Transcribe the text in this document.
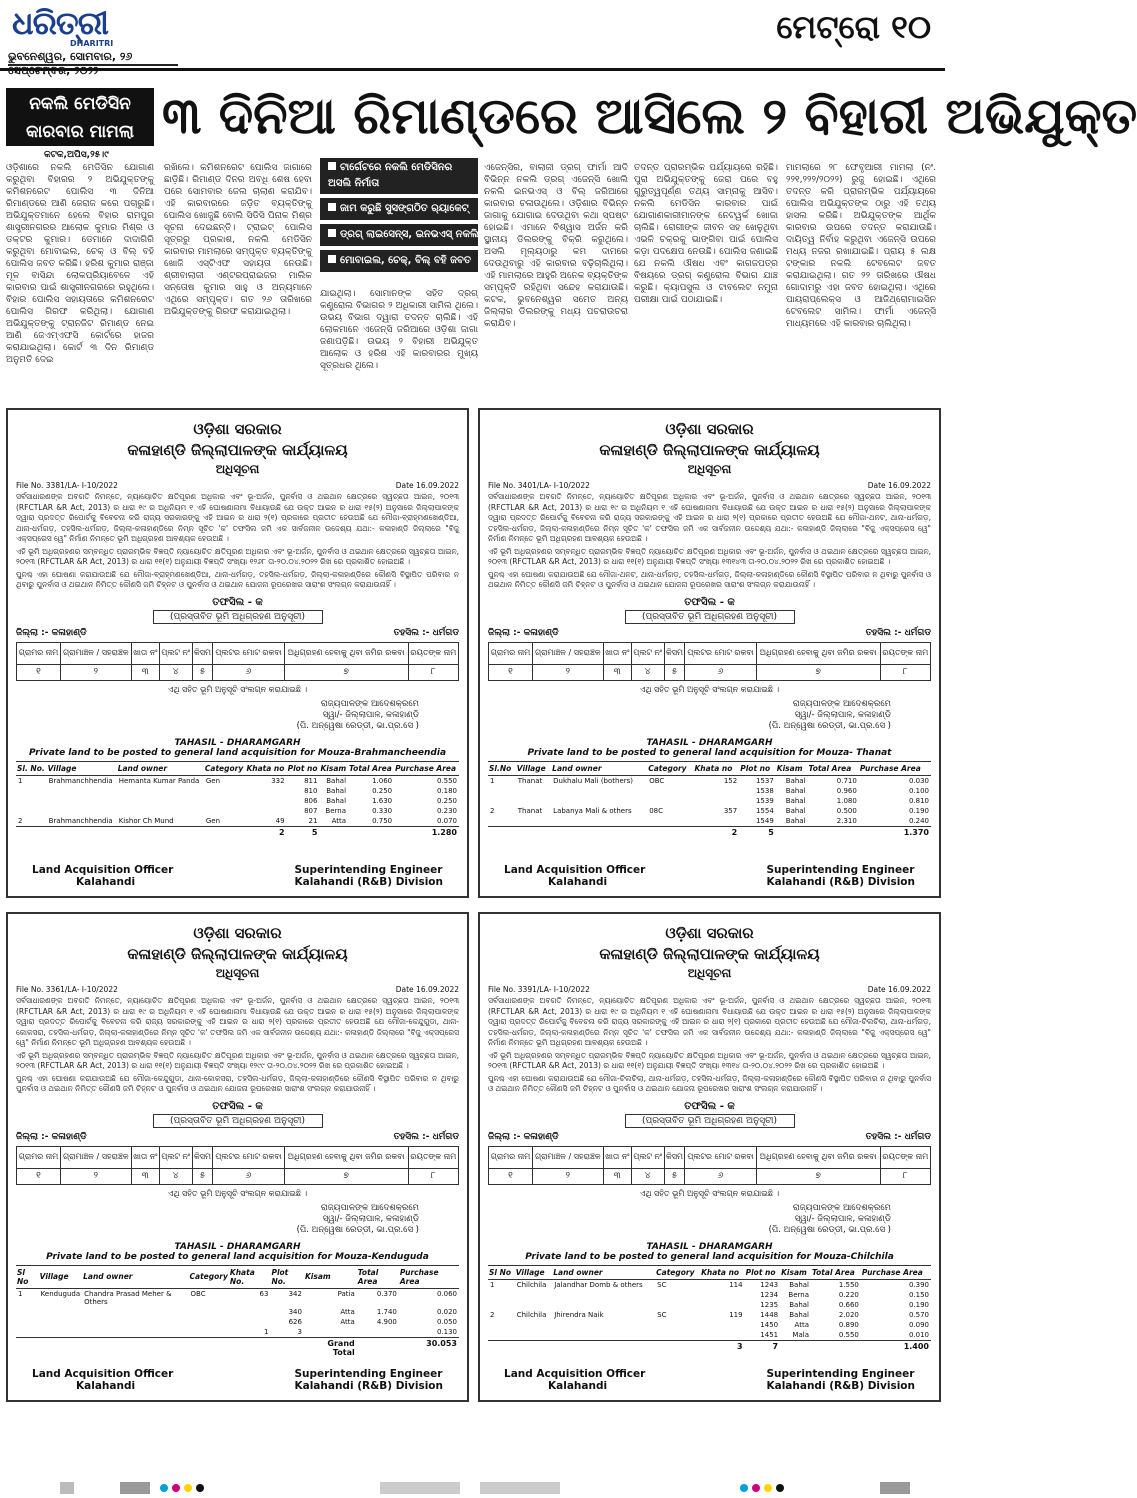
ଧରିତ୍ରୀ
DHARITRI
ଭୁବନେଶ୍ୱର, ସୋମବାର, ୨୬
ମେଟ୍ରୋ ୧୦
ନକଲି ମେଡିସିନ କାରବାର ମାମଲା ୩ ଦିନିଆ ରିମାଣ୍ଡରେ ଆସିଲେ ୨ ବିହାରୀ ଅଭିଯୁକ୍ତ
କଟକ,ଅପିସ,୨୫।୯
ଓଡ଼ିଶାରେ ନକଲି ମେଡିସିନ ଯୋଗାଣ କରୁଥିବା ବିହାରର ୨ ଅଭିଯୁକ୍ତଙ୍କୁ କମିଶନରେଟ ପୋଲିସ ୩ ଦିନିଆ ରିମାଣ୍ଡରେ ଆଣି ଜେରାଜ କରେ ପଚାରୁଛି। ଅଭିଯୁକ୍ତମାନେ ହେଲେ ବିହାର ରାମପୁର ଶାସ୍ତ୍ରୀନଗରର ଆଲୋକ କୁମାର ମିଶ୍ର ଓ ଡକ୍ଟର କୁମାର। ଡେମାନେ ଦାଦାଗିରି କରୁଥିବା ମୋବାଇଲ, ଚେକ୍ ଓ ବିଲ୍ ବହି ପୋଲିସ ଜବତ କରିଛି। ହରିଶ କୁମାର ରାଞ୍ଜା ମୂଳ ବାସିନ୍ଦା ଲୋକପ୍ରିୟାବେଳେ ଏହି କାରବାର ପାଇଁ ଶାସ୍ତ୍ରୀନଗରରେ ରହୁଥିଲେ। ବିହାର ପୋଲିସ ସହାୟତାରେ କମିଶନରେଟ ପୋଲିସ ଗିରଫ କରିଥିଲା। ଯୋଗାଣ ଅଭିଯୁକ୍ତଙ୍କୁ ଟ୍ରାନଜିଟ ରିମାଣ୍ଡ ନେଇ ଆଣି ଜେଏମ୍‌ଏଫସି କୋର୍ଟରେ ହାଜର କରାଯାଇଥିଲା। କୋର୍ଟ ୩ ଦିନ ରିମାଣ୍ଡ ଅନୁମତି ଦେଇ
ରଖିଲେ। କମିଶନରେଟ ପୋଲିସ ଜାଗାରେ ଛାଡ଼ିଛି। ରିମାଣ୍ଡ ଦିନର ଅବଧି ଶେଷ ହେବା ପରେ ସୋମବାର ଜେଲ ଚାଲାଣ କରାଯିବ। ଏହି କାରବାରରେ ଜଡ଼ିତ ବ୍ୟକ୍ତିଙ୍କୁ ପୋଲିସ ଖୋଜୁଛି ବୋଲି ସିଡିସି ପିନାକ ମିଶ୍ର ସୂଚନା ଦେଇଛନ୍ତି। ଟ୍ରାଇଟ୍‌ ପୋଲିସ ସୂତ୍ରରୁ ପ୍ରକାଶ, ନକଲି ମେଡିସିନ କାରବାର ମାମଲାରେ ସମ୍ପୃକ୍ତ ବ୍ୟକ୍ତିଙ୍କୁ ଖୋଜି ଏସ୍‌ଟିଏଫ ସହାୟତା ନେଉଛି। ଶ୍ରୀବାଲାଜୀ ଏଣ୍ଟରପ୍ରାଇଜର ମାଲିକ ସନ୍ତୋଷ କୁମାର ସାହୁ ଓ ଅନ୍ୟମାନେ ଏଥିରେ ସମ୍ପୃକ୍ତ। ଗତ ୨୬ ତାରିଖରେ ଅଭିଯୁକ୍ତଙ୍କୁ ଗିରଫ କରାଯାଇଥିଲା।
ଟାର୍ଗେଟରେ ନକଲି ମେଡିସିନର ଅସଲି ନିର୍ମାତା
ଜାମ କରୁଛି ସୁସଙ୍ଗଠିତ ର‍୍ୟାକେଟ୍
ଡ୍ରଗ୍ ଲାଇସେନ୍ସ, ଇନଭଏସ୍ ନକଲି
ମୋବାଇଲ, ଚେକ୍, ବିଲ୍ ବହି ଜବତ
ଯାଇଥିଲା। ସୋମାନଙ୍କ ସହିତ ଦ୍ରଗ୍ କଣ୍ଟ୍ରୋଲ ବିଭାଗର ୨ ଅଧିକାରୀ ସାମିଲ ଥିଲେ। ଉଭୟ ବିଭାଗ ଦ୍ୱାରା ତଦନ୍ତ ଚାଲିଛି। ଏହି ଲୋକମାନେ ଏଜେନ୍ସି ଜରିଆରେ ଓଡ଼ିଶା ଜାଗା ଜଣାପଡ଼ିଛି। ଉଭୟ ୨ ବିହାରୀ ଅଭିଯୁକ୍ତ ଆଲୋକ ଓ ହରିଶ ଏହି କାରବାରର ମୁଖ୍ୟ ସୂତ୍ରଧର ଥିଲେ।
ଏଜେନ୍ସିର, ବାଲାଜୀ ଡ୍ରଗ୍ ଫାର୍ମା ଆଦି ବିଭିନ୍ନ ନକଲି ଡ୍ରଗ୍ ଏଜେନ୍ସି ଖୋଲି ନକଲି ଇନଭଏସ୍ ଓ ବିଲ୍ ଜରିଆରେ କାରବାର ଚଳାଉଥିଲେ। ଓଡ଼ିଶାର ବିଭିନ୍ନ ଜାଗାକୁ ଯୋଗାଇ ଦେଉଥିବା କଥା ସ୍ପଷ୍ଟ ହୋଇଛି। ଏମାନେ ବିଶ୍ୱାସ ଅର୍ଜନ କରି ସ୍ଥାନୀୟ ଡିଲରଙ୍କୁ ବିକ୍ରି କରୁଥିଲେ। ଅସଲି ମୂଲ୍ୟଠାରୁ କମ ଦାମରେ ଦେଉଥିବାରୁ ଏହି କାରବାର ବଢ଼ିଚାଲିଥିଲା। ଏହି ମାମଲାରେ ଆହୁରି ଅନେକ ବ୍ୟକ୍ତିଙ୍କ ସମ୍ପୃକ୍ତି ରହିଥିବା ସନ୍ଦେହ କରାଯାଉଛି। କଟକ, ଭୁବନେଶ୍ୱର ସମେତ ଅନ୍ୟ ଜିଲ୍ଲାର ଡିଲରଙ୍କୁ ମଧ୍ୟ ପଚରାଉଚରା କରାଯିବ।
ତଦନ୍ତ ପ୍ରାରମ୍ଭିକ ପର୍ଯ୍ୟାୟରେ ରହିଛି। ପୁରା ଅଭିଯୁକ୍ତଙ୍କୁ ଜେରା ପରେ ବହୁ ଗୁରୁତ୍ୱପୂର୍ଣ୍ଣ ତଥ୍ୟ ସାମ୍ନାକୁ ଆସିବ। ନକଲି ମେଡିସିନ କାରବାର ପାଇଁ ଯୋଗାଣକାରୀମାନଙ୍କ ନେଟୱର୍କ ଖୋଜା ଚାଲିଛି। ରୋଗୀଙ୍କ ଜୀବନ ସହ ଖେଳୁଥିବା ଏଭଳି ଚକ୍ରକୁ ଭାଙ୍ଗିବା ପାଇଁ ପୋଲିସ କଡ଼ା ପଦକ୍ଷେପ ନେଉଛି। ପୋଲିସ ଜଣାଇଛି ଯେ ନକଲି ଔଷଧ ଏବଂ କାଗଜପତ୍ର ବିଷୟରେ ଡ୍ରଗ୍ କଣ୍ଟ୍ରୋଲ ବିଭାଗ ଯାଞ୍ଚ କରୁଛି। କ୍ୟାପସୁଲ ଓ ଟାବଲେଟ ନମୁନା ପରୀକ୍ଷା ପାଇଁ ପଠାଯାଇଛି।
ମାମଲାରେ ୨୮ ଫେବୃଆରୀ ମାମଲା (ନଂ. ୨୨୧,୨୨୨/୨୦୨୨) ରୁଜୁ ହୋଇଛି। ଏଥିରେ ତଦନ୍ତ କରି ପ୍ରାରମ୍ଭିକ ପର୍ଯ୍ୟାୟରେ ପୋଲିସ ଅଭିଯୁକ୍ତଙ୍କ ଠାରୁ ଏହି ତଥ୍ୟ ହାସଲ କରିଛି। ଅଭିଯୁକ୍ତଙ୍କ ଆର୍ଥିକ କାରବାର ଉପରେ ତଦନ୍ତ କରାଯାଉଛି। ଦାୟିତ୍ୱ ନିର୍ବାହ କରୁଥିବା ଏଜେନ୍ସି ଉପରେ ମଧ୍ୟ ନଜର ରଖାଯାଇଛି। ପ୍ରାୟ ୫ ଲକ୍ଷ ଟଙ୍କାର ନକଲି ଟେବଲେଟ ଜବତ କରାଯାଇଥିଲା। ଗତ ୨୨ ତାରିଖରେ ଔଷଧ ଗୋଦାମରୁ ଏହା ଜବତ ହୋଇଥିଲା। ଏଥିରେ ପାୟରାପ୍ଲେକ୍ସ ଓ ଆଜିଥ୍ରୋମାଇସିନ ଟେବଲେଟ ସାମିଲ। ଫାର୍ମା ଏଜେନ୍ସି ମାଧ୍ୟମରେ ଏହି କାରବାର ଚାଲିଥିଲା।
ଓଡ଼ିଶା ସରକାର
କଳାହାଣ୍ଡି ଜିଲ୍ଲାପାଳଙ୍କ କାର୍ଯ୍ୟାଳୟ
ଅଧିସୂଚନା
File No. 3381/LA- I-10/2022	Date 16.09.2022
ସର୍ବସାଧାରଣଙ୍କ ଅବଗତି ନିମନ୍ତେ, ନ୍ୟାୟୋଚିତ କ୍ଷତିପୂରଣ ଅଧିକାର ଏବଂ ଭୂ-ଅର୍ଜନ, ପୁନର୍ବାସ ଓ ଥଇଥାନ କ୍ଷେତ୍ରରେ ସ୍ୱଚ୍ଛତା ଆଇନ, ୨୦୧୩ (RFCTLAR &R Act, 2013) ର ଧାରା ୧୯ ର ଅଧିନିୟମ ୧ ଏହି ଘୋଷଣାନାମା ବିଧାୟାଉଛି ଯେ ଉକ୍ତ ଆଇନ ର ଧାରା ୧୫(୨) ଅନୁସାରେ ଜିଲ୍ଲାପାଳଙ୍କ ଦ୍ୱାରା ପ୍ରଦତ୍ତ ରିପୋର୍ଟକୁ ବିବେଚନା କରି ରାଜ୍ୟ ସରକାରଙ୍କୁ ଏହି ଆଇନ ର ଧାରା ୨(୧) ପ୍ରକାରେ ପ୍ରତୀତ ହେଉଅଛି ଯେ ମୌଜା-ବ୍ରାହ୍ମଣଖେଣ୍ଡିଆ, ଥାନା-ଧର୍ମଗଡ଼, ତହସିଲ-ଧର୍ମଗଡ଼, ଜିଲ୍ଲା-କଳାହାଣ୍ଡିରେ ନିମ୍ନ ସୂଚିତ 'କ' ତଫସିଲ ଜମି ଏକ ସାର୍ବଜନୀନ ଉଦ୍ଦେଶ୍ୟ ଯଥା:- କଳାହାଣ୍ଡି ଜିଲ୍ଲାରେ "ବିଜୁ ଏକ୍ସପ୍ରେସ ୱେ" ନିର୍ମାଣ ନିମନ୍ତେ ଭୂମି ଅଧିଗ୍ରହଣ ଆବଶ୍ୟକ ହେଉଅଛି ।
ଏହି ଭୂମି ଅଧିଗ୍ରହଣର ସମ୍ବନ୍ଧିତ ପ୍ରାରମ୍ଭିକ ବିଜ୍ଞପ୍ତି ନ୍ୟାୟୋଚିତ କ୍ଷତିପୂରଣ ଅଧିକାର ଏବଂ ଭୂ-ଅର୍ଜନ, ପୁନର୍ବାସ ଓ ଥଇଥାନ କ୍ଷେତ୍ରରେ ସ୍ୱଚ୍ଛତା ଆଇନ, ୨୦୧୩ (RFCTLAR &R Act, 2013) ର ଧାରା ୧୧(୧) ଅନୁଯାୟୀ ବିଜ୍ଞପ୍ତି ସଂଖ୍ୟା ୧୨୬୮ ତା-୨୦.୦୪.୨୦୨୨ ରିଖ ରେ ପ୍ରକାଶିତ ହୋଇଅଛି ।
ପୁନଶ୍ଚ ଏହା ଘୋଷଣା କରାଯାଉଅଛି ଯେ ମୌଜା-ବ୍ରାହ୍ମଣଖେଣ୍ଡିଆ, ଥାନା-ଧର୍ମଗଡ଼, ତହସିଲ-ଧର୍ମଗଡ଼, ଜିଲ୍ଲା-କଳାହାଣ୍ଡିରେ କୌଣସି ବିସ୍ଥାପିତ ପରିବାର ନ ଥିବାରୁ ପୁନର୍ବାସ ଓ ଥଇଥାନ ନିମିତ୍ତ କୌଣସି ଜମି ଚିହ୍ନଟ ଓ ପୁନର୍ବାସ ଓ ଥଇଥାନ ଯୋଜନା ରୂପରେଖର ସାରାଂଶ ସଂଲଗ୍ନ କରାଯାଉନାହିଁ ।
ତଫସିଲ - କ
(ପ୍ରସ୍ତାବିତ ଭୂମି ଅଧିଗ୍ରହଣ ଅନୁସୂଚୀ)
ଜିଲ୍ଲା :- କଳାହାଣ୍ଡି	ତହସିଲ :- ଧର୍ମଗଡ
ଗ୍ରାମର ନାମ	ଗ୍ରାମାଞ୍ଚଳ / ସହରାଞ୍ଚଳ	ଖାତା ନଂ	ପ୍ଲଟ ନଂ	କିସମ	ପ୍ଲଟର ମୋଟ ରକବା	ଅଧିଗ୍ରହଣ ହେବାକୁ ଥିବା ଜମିର ରକବା	ରୟତଙ୍କ ନାମ
୧	୨	୩	୪	୫	୬	୭	୮
ଏଥି ସହିତ ଭୂମି ଅନୁସୂଚି ସଂଲଗ୍ନ କରାଯାଇଛି ।
ରାଜ୍ୟପାଳଙ୍କ ଆଦେଶକ୍ରମେ
ସ୍ୱା/- ଜିଲ୍ଲାପାଳ, କଳାହାଣ୍ଡି
(ପି. ଅନ୍ୱେଷା ରେଡ୍ଡୀ, ଭା.ପ୍ର.ସେ )
TAHASIL - DHARAMGARH
Private land to be posted to general land acquisition for Mouza-Brahmancheendia
Sl. No.	Village	Land owner	Category	Khata no	Plot no	Kisam	Total Area	Purchase Area
1	Brahmanchhendia	Hemanta Kumar Panda	Gen	332	811	Bahal	1.060	0.550
					810	Bahal	0.250	0.180
					806	Bahal	1.630	0.250
					807	Berna	0.330	0.230
2	Brahmanchhendia	Kishor Ch Mund	Gen	49	21	Atta	0.750	0.070
				2	5			1.280
Land Acquisition Officer
Kalahandi
Superintending Engineer
Kalahandi (R&B) Division
ଓଡ଼ିଶା ସରକାର
କଳାହାଣ୍ଡି ଜିଲ୍ଲାପାଳଙ୍କ କାର୍ଯ୍ୟାଳୟ
ଅଧିସୂଚନା
File No. 3401/LA- I-10/2022	Date 16.09.2022
ସର୍ବସାଧାରଣଙ୍କ ଅବଗତି ନିମନ୍ତେ, ନ୍ୟାୟୋଚିତ କ୍ଷତିପୂରଣ ଅଧିକାର ଏବଂ ଭୂ-ଅର୍ଜନ, ପୁନର୍ବାସ ଓ ଥଇଥାନ କ୍ଷେତ୍ରରେ ସ୍ୱଚ୍ଛତା ଆଇନ, ୨୦୧୩ (RFCTLAR &R Act, 2013) ର ଧାରା ୧୯ ର ଅଧିନିୟମ ୧ ଏହି ଘୋଷଣାନାମା ବିଧାୟାଉଛି ଯେ ଉକ୍ତ ଆଇନ ର ଧାରା ୧୫(୨) ଅନୁସାରେ ଜିଲ୍ଲାପାଳଙ୍କ ଦ୍ୱାରା ପ୍ରଦତ୍ତ ରିପୋର୍ଟକୁ ବିବେଚନା କରି ରାଜ୍ୟ ସରକାରଙ୍କୁ ଏହି ଆଇନ ର ଧାରା ୨(୧) ପ୍ରକାରେ ପ୍ରତୀତ ହେଉଅଛି ଯେ ମୌଜା-ଥନଟ, ଥାନା-ଧର୍ମଗଡ଼, ତହସିଲ-ଧର୍ମଗଡ଼, ଜିଲ୍ଲା-କଳାହାଣ୍ଡିରେ ନିମ୍ନ ସୂଚିତ 'କ' ତଫସିଲ ଜମି ଏକ ସାର୍ବଜନୀନ ଉଦ୍ଦେଶ୍ୟ ଯଥା:- କଳାହାଣ୍ଡି ଜିଲ୍ଲାରେ "ବିଜୁ ଏକ୍ସପ୍ରେସ ୱେ" ନିର୍ମାଣ ନିମନ୍ତେ ଭୂମି ଅଧିଗ୍ରହଣ ଆବଶ୍ୟକ ହେଉଅଛି ।
ଏହି ଭୂମି ଅଧିଗ୍ରହଣର ସମ୍ବନ୍ଧିତ ପ୍ରାରମ୍ଭିକ ବିଜ୍ଞପ୍ତି ନ୍ୟାୟୋଚିତ କ୍ଷତିପୂରଣ ଅଧିକାର ଏବଂ ଭୂ-ଅର୍ଜନ, ପୁନର୍ବାସ ଓ ଥଇଥାନ କ୍ଷେତ୍ରରେ ସ୍ୱଚ୍ଛତା ଆଇନ, ୨୦୧୩ (RFCTLAR &R Act, 2013) ର ଧାରା ୧୧(୧) ଅନୁଯାୟୀ ବିଜ୍ଞପ୍ତି ସଂଖ୍ୟା ୧୩୧୪୩ ତା-୨୦.୦୪.୨୦୨୨ ରିଖ ରେ ପ୍ରକାଶିତ ହୋଇଅଛି ।
ପୁନଶ୍ଚ ଏହା ଘୋଷଣା କରାଯାଉଅଛି ଯେ ମୌଜା-ଥନଟ, ଥାନା-ଧର୍ମଗଡ଼, ତହସିଲ-ଧର୍ମଗଡ଼, ଜିଲ୍ଲା-କଳାହାଣ୍ଡିରେ କୌଣସି ବିସ୍ଥାପିତ ପରିବାର ନ ଥିବାରୁ ପୁନର୍ବାସ ଓ ଥଇଥାନ ନିମିତ୍ତ କୌଣସି ଜମି ଚିହ୍ନଟ ଓ ପୁନର୍ବାସ ଓ ଥଇଥାନ ଯୋଜନା ରୂପରେଖର ସାରାଂଶ ସଂଲଗ୍ନ କରାଯାଉନାହିଁ ।
ତଫସିଲ - କ
(ପ୍ରସ୍ତାବିତ ଭୂମି ଅଧିଗ୍ରହଣ ଅନୁସୂଚୀ)
ଜିଲ୍ଲା :- କଳାହାଣ୍ଡି	ତହସିଲ :- ଧର୍ମଗଡ
ଗ୍ରାମର ନାମ	ଗ୍ରାମାଞ୍ଚଳ / ସହରାଞ୍ଚଳ	ଖାତା ନଂ	ପ୍ଲଟ ନଂ	କିସମ	ପ୍ଲଟର ମୋଟ ରକବା	ଅଧିଗ୍ରହଣ ହେବାକୁ ଥିବା ଜମିର ରକବା	ରୟତଙ୍କ ନାମ
୧	୨	୩	୪	୫	୬	୭	୮
ଏଥି ସହିତ ଭୂମି ଅନୁସୂଚି ସଂଲଗ୍ନ କରାଯାଇଛି ।
ରାଜ୍ୟପାଳଙ୍କ ଆଦେଶକ୍ରମେ
ସ୍ୱା/- ଜିଲ୍ଲାପାଳ, କଳାହାଣ୍ଡି
(ପି. ଅନ୍ୱେଷା ରେଡ୍ଡୀ, ଭା.ପ୍ର.ସେ )
TAHASIL - DHARAMGARH
Private land to be posted to general land acquisition for Mouza- Thanat
Sl.No	Village	Land owner	Category	Khata no	Plot no	Kisam	Total Area	Purchase Area
1	Thanat	Dukhalu Mali (bothers)	OBC	152	1537	Bahal	0.710	0.030
					1538	Bahal	0.960	0.100
					1539	Bahal	1.080	0.810
2	Thanat	Labanya Mali & others	08C	357	1554	Bahal	0.500	0.190
					1549	Bahal	2.310	0.240
				2	5			1.370
Land Acquisition Officer
Kalahandi
Superintending Engineer
Kalahandi (R&B) Division
ଓଡ଼ିଶା ସରକାର
କଳାହାଣ୍ଡି ଜିଲ୍ଲାପାଳଙ୍କ କାର୍ଯ୍ୟାଳୟ
ଅଧିସୂଚନା
File No. 3361/LA- I-10/2022	Date 16.09.2022
ସର୍ବସାଧାରଣଙ୍କ ଅବଗତି ନିମନ୍ତେ, ନ୍ୟାୟୋଚିତ କ୍ଷତିପୂରଣ ଅଧିକାର ଏବଂ ଭୂ-ଅର୍ଜନ, ପୁନର୍ବାସ ଓ ଥଇଥାନ କ୍ଷେତ୍ରରେ ସ୍ୱଚ୍ଛତା ଆଇନ, ୨୦୧୩ (RFCTLAR &R Act, 2013) ର ଧାରା ୧୯ ର ଅଧିନିୟମ ୧ ଏହି ଘୋଷଣାନାମା ବିଧାୟାଉଛି ଯେ ଉକ୍ତ ଆଇନ ର ଧାରା ୧୫(୨) ଅନୁସାରେ ଜିଲ୍ଲାପାଳଙ୍କ ଦ୍ୱାରା ପ୍ରଦତ୍ତ ରିପୋର୍ଟକୁ ବିବେଚନା କରି ରାଜ୍ୟ ସରକାରଙ୍କୁ ଏହି ଆଇନ ର ଧାରା ୨(୧) ପ୍ରକାରେ ପ୍ରତୀତ ହେଉଅଛି ଯେ ମୌଜା-କେନ୍ଦୁଗୁଡା, ଥାନା-କୋକସରା, ତହସିଲ-ଧର୍ମଗଡ଼, ଜିଲ୍ଲା-କଳାହାଣ୍ଡିରେ ନିମ୍ନ ସୂଚିତ 'କ' ତଫସିଲ ଜମି ଏକ ସାର୍ବଜନୀନ ଉଦ୍ଦେଶ୍ୟ ଯଥା:- କଳାହାଣ୍ଡି ଜିଲ୍ଲାରେ "ବିଜୁ ଏକ୍ସପ୍ରେସ ୱେ" ନିର୍ମାଣ ନିମନ୍ତେ ଭୂମି ଅଧିଗ୍ରହଣ ଆବଶ୍ୟକ ହେଉଅଛି ।
ଏହି ଭୂମି ଅଧିଗ୍ରହଣର ସମ୍ବନ୍ଧିତ ପ୍ରାରମ୍ଭିକ ବିଜ୍ଞପ୍ତି ନ୍ୟାୟୋଚିତ କ୍ଷତିପୂରଣ ଅଧିକାର ଏବଂ ଭୂ-ଅର୍ଜନ, ପୁନର୍ବାସ ଓ ଥଇଥାନ କ୍ଷେତ୍ରରେ ସ୍ୱଚ୍ଛତା ଆଇନ, ୨୦୧୩ (RFCTLAR &R Act, 2013) ର ଧାରା ୧୧(୧) ଅନୁଯାୟୀ ବିଜ୍ଞପ୍ତି ସଂଖ୍ୟା ୧୨୯୯ ତା-୨୦.୦୪.୨୦୨୨ ରିଖ ରେ ପ୍ରକାଶିତ ହୋଇଅଛି ।
ପୁନଶ୍ଚ ଏହା ଘୋଷଣା କରାଯାଉଅଛି ଯେ ମୌଜା-କେନ୍ଦୁଗୁଡା, ଥାନା-କୋକସରା, ତହସିଲ-ଧର୍ମଗଡ଼, ଜିଲ୍ଲା-କଳାହାଣ୍ଡିରେ କୌଣସି ବିସ୍ଥାପିତ ପରିବାର ନ ଥିବାରୁ ପୁନର୍ବାସ ଓ ଥଇଥାନ ନିମିତ୍ତ କୌଣସି ଜମି ଚିହ୍ନଟ ଓ ପୁନର୍ବାସ ଓ ଥଇଥାନ ଯୋଜନା ରୂପରେଖର ସାରାଂଶ ସଂଲଗ୍ନ କରାଯାଉନାହିଁ ।
ତଫସିଲ - କ
(ପ୍ରସ୍ତାବିତ ଭୂମି ଅଧିଗ୍ରହଣ ଅନୁସୂଚୀ)
ଜିଲ୍ଲା :- କଳାହାଣ୍ଡି	ତହସିଲ :- ଧର୍ମଗଡ
ଗ୍ରାମର ନାମ	ଗ୍ରାମାଞ୍ଚଳ / ସହରାଞ୍ଚଳ	ଖାତା ନଂ	ପ୍ଲଟ ନଂ	କିସମ	ପ୍ଲଟର ମୋଟ ରକବା	ଅଧିଗ୍ରହଣ ହେବାକୁ ଥିବା ଜମିର ରକବା	ରୟତଙ୍କ ନାମ
୧	୨	୩	୪	୫	୬	୭	୮
ଏଥି ସହିତ ଭୂମି ଅନୁସୂଚି ସଂଲଗ୍ନ କରାଯାଇଛି ।
ରାଜ୍ୟପାଳଙ୍କ ଆଦେଶକ୍ରମେ
ସ୍ୱା/- ଜିଲ୍ଲାପାଳ, କଳାହାଣ୍ଡି
(ପି. ଅନ୍ୱେଷା ରେଡ୍ଡୀ, ଭା.ପ୍ର.ସେ )
TAHASIL - DHARAMGARH
Private land to be posted to general land acquisition for Mouza-Kenduguda
Sl No	Village	Land owner	Category	Khata No.	Plot No.	Kisam	Total Area	Purchase Area
1	Kenduguda	Chandra Prasad Meher & Others	OBC	63	342	Patia	0.370	0.060
					340	Atta	1.740	0.020
					626	Atta	4.900	0.050
				1	3			0.130
						Grand Total		30.053
Land Acquisition Officer
Kalahandi
Superintending Engineer
Kalahandi (R&B) Division
ଓଡ଼ିଶା ସରକାର
କଳାହାଣ୍ଡି ଜିଲ୍ଲାପାଳଙ୍କ କାର୍ଯ୍ୟାଳୟ
ଅଧିସୂଚନା
File No. 3391/LA- I-10/2022	Date 16.09.2022
ସର୍ବସାଧାରଣଙ୍କ ଅବଗତି ନିମନ୍ତେ, ନ୍ୟାୟୋଚିତ କ୍ଷତିପୂରଣ ଅଧିକାର ଏବଂ ଭୂ-ଅର୍ଜନ, ପୁନର୍ବାସ ଓ ଥଇଥାନ କ୍ଷେତ୍ରରେ ସ୍ୱଚ୍ଛତା ଆଇନ, ୨୦୧୩ (RFCTLAR &R Act, 2013) ର ଧାରା ୧୯ ର ଅଧିନିୟମ ୧ ଏହି ଘୋଷଣାନାମା ବିଧାୟାଉଛି ଯେ ଉକ୍ତ ଆଇନ ର ଧାରା ୧୫(୨) ଅନୁସାରେ ଜିଲ୍ଲାପାଳଙ୍କ ଦ୍ୱାରା ପ୍ରଦତ୍ତ ରିପୋର୍ଟକୁ ବିବେଚନା କରି ରାଜ୍ୟ ସରକାରଙ୍କୁ ଏହି ଆଇନ ର ଧାରା ୨(୧) ପ୍ରକାରେ ପ୍ରତୀତ ହେଉଅଛି ଯେ ମୌଜା-ଚିଲଚିଲା, ଥାନା-ଧର୍ମଗଡ଼, ତହସିଲ-ଧର୍ମଗଡ଼, ଜିଲ୍ଲା-କଳାହାଣ୍ଡିରେ ନିମ୍ନ ସୂଚିତ 'କ' ତଫସିଲ ଜମି ଏକ ସାର୍ବଜନୀନ ଉଦ୍ଦେଶ୍ୟ ଯଥା:- କଳାହାଣ୍ଡି ଜିଲ୍ଲାରେ "ବିଜୁ ଏକ୍ସପ୍ରେସ ୱେ" ନିର୍ମାଣ ନିମନ୍ତେ ଭୂମି ଅଧିଗ୍ରହଣ ଆବଶ୍ୟକ ହେଉଅଛି ।
ଏହି ଭୂମି ଅଧିଗ୍ରହଣର ସମ୍ବନ୍ଧିତ ପ୍ରାରମ୍ଭିକ ବିଜ୍ଞପ୍ତି ନ୍ୟାୟୋଚିତ କ୍ଷତିପୂରଣ ଅଧିକାର ଏବଂ ଭୂ-ଅର୍ଜନ, ପୁନର୍ବାସ ଓ ଥଇଥାନ କ୍ଷେତ୍ରରେ ସ୍ୱଚ୍ଛତା ଆଇନ, ୨୦୧୩ (RFCTLAR &R Act, 2013) ର ଧାରା ୧୧(୧) ଅନୁଯାୟୀ ବିଜ୍ଞପ୍ତି ସଂଖ୍ୟା ୧୩୧୪ ତା-୨୦.୦୪.୨୦୨୨ ରିଖ ରେ ପ୍ରକାଶିତ ହୋଇଅଛି ।
ପୁନଶ୍ଚ ଏହା ଘୋଷଣା କରାଯାଉଅଛି ଯେ ମୌଜା-ଚିଲଚିଲା, ଥାନା-ଧର୍ମଗଡ଼, ତହସିଲ-ଧର୍ମଗଡ଼, ଜିଲ୍ଲା-କଳାହାଣ୍ଡିରେ କୌଣସି ବିସ୍ଥାପିତ ପରିବାର ନ ଥିବାରୁ ପୁନର୍ବାସ ଓ ଥଇଥାନ ନିମିତ୍ତ କୌଣସି ଜମି ଚିହ୍ନଟ ଓ ପୁନର୍ବାସ ଓ ଥଇଥାନ ଯୋଜନା ରୂପରେଖର ସାରାଂଶ ସଂଲଗ୍ନ କରାଯାଉନାହିଁ ।
ତଫସିଲ - କ
(ପ୍ରସ୍ତାବିତ ଭୂମି ଅଧିଗ୍ରହଣ ଅନୁସୂଚୀ)
ଜିଲ୍ଲା :- କଳାହାଣ୍ଡି	ତହସିଲ :- ଧର୍ମଗଡ
ଗ୍ରାମର ନାମ	ଗ୍ରାମାଞ୍ଚଳ / ସହରାଞ୍ଚଳ	ଖାତା ନଂ	ପ୍ଲଟ ନଂ	କିସମ	ପ୍ଲଟର ମୋଟ ରକବା	ଅଧିଗ୍ରହଣ ହେବାକୁ ଥିବା ଜମିର ରକବା	ରୟତଙ୍କ ନାମ
୧	୨	୩	୪	୫	୬	୭	୮
ଏଥି ସହିତ ଭୂମି ଅନୁସୂଚି ସଂଲଗ୍ନ କରାଯାଇଛି ।
ରାଜ୍ୟପାଳଙ୍କ ଆଦେଶକ୍ରମେ
ସ୍ୱା/- ଜିଲ୍ଲାପାଳ, କଳାହାଣ୍ଡି
(ପି. ଅନ୍ୱେଷା ରେଡ୍ଡୀ, ଭା.ପ୍ର.ସେ )
TAHASIL - DHARAMGARH
Private land to be posted to general land acquisition for Mouza-Chilchila
Sl No	Village	Land owner	Category	Khata no	Plot no	Kisam	Total Area	Purchase Area
1	Chilchila	Jalandhar Domb & others	SC	114	1243	Bahal	1.550	0.390
					1234	Berna	0.220	0.150
					1235	Bahal	0.660	0.190
2	Chilchila	Jhirendra Naik	SC	119	1448	Bahal	2.020	0.570
					1450	Atta	0.890	0.090
					1451	Mala	0.550	0.010
				3	7			1.400
Land Acquisition Officer
Kalahandi
Superintending Engineer
Kalahandi (R&B) Division
